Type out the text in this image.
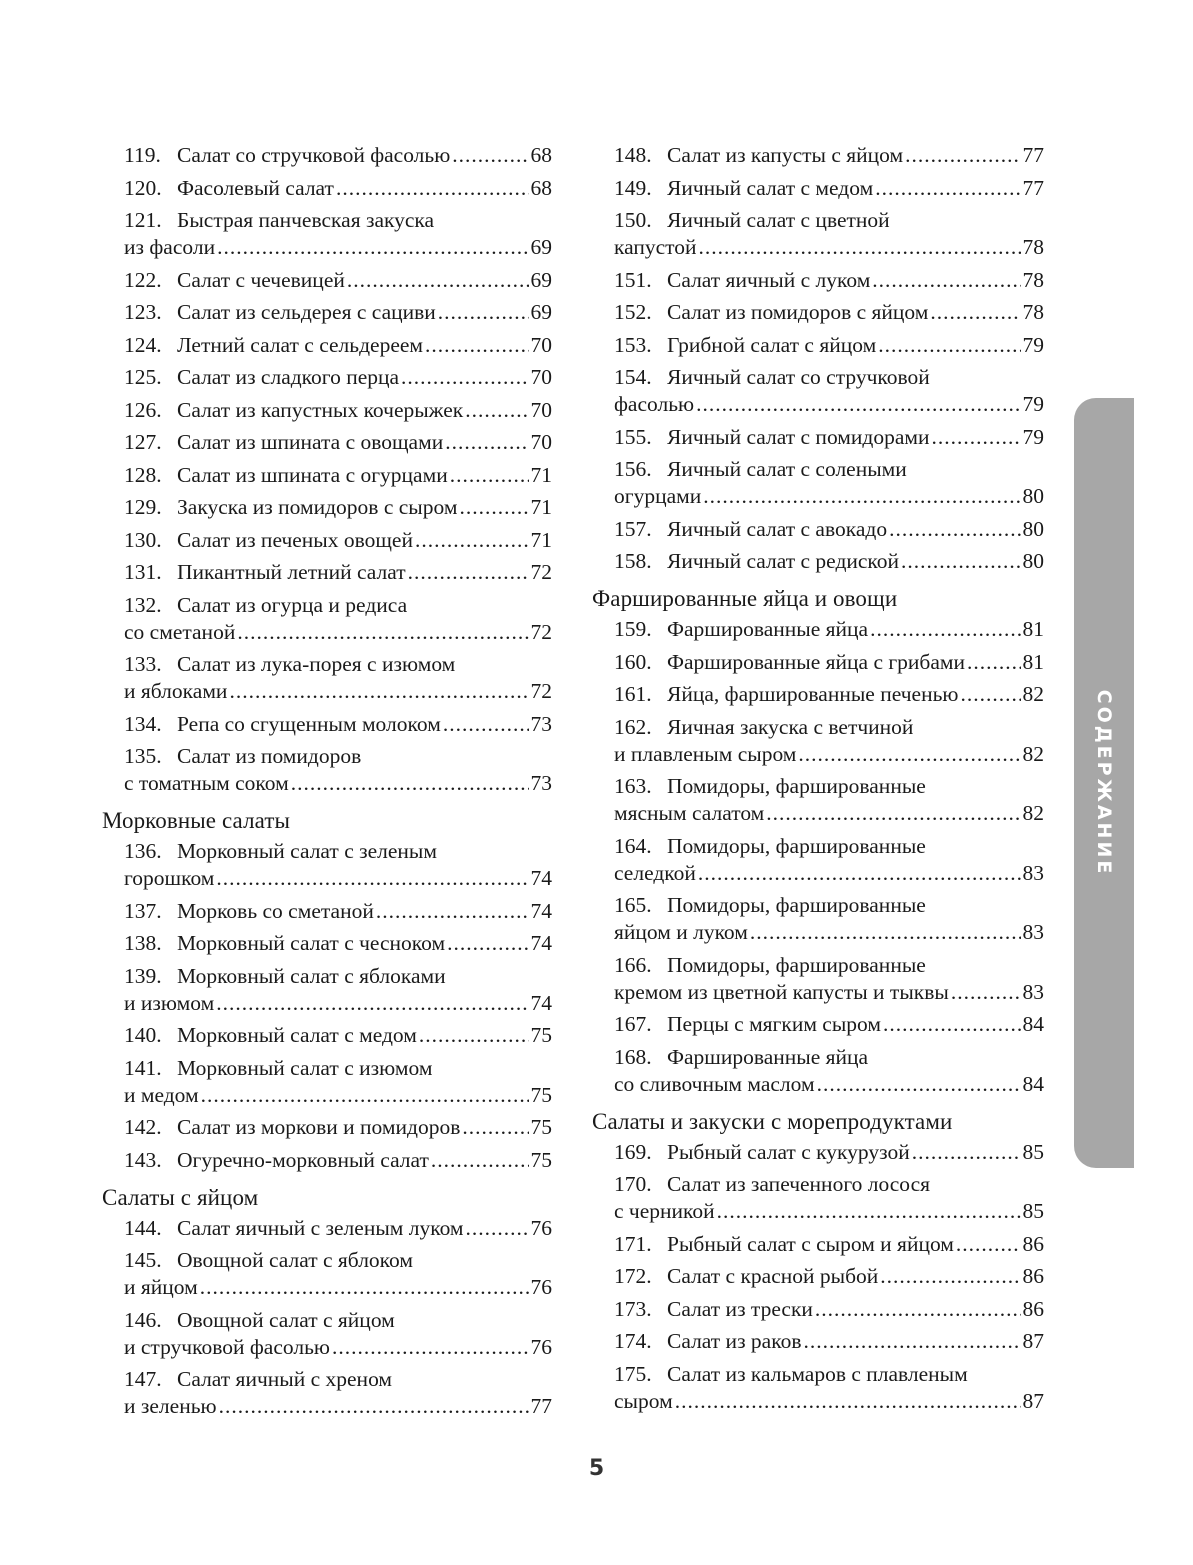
119. Салат со стручковой фасолью .....	68
120. Фасолевый салат .....	68
121. Быстрая панчевская закуска
из фасоли .....	69
122. Салат с чечевицей .....	69
123. Салат из сельдерея с сациви .....	69
124. Летний салат с сельдереем .....	70
125. Салат из сладкого перца .....	70
126. Салат из капустных кочерыжек .....	70
127. Салат из шпината с овощами .....	70
128. Салат из шпината с огурцами .....	71
129. Закуска из помидоров с сыром .....	71
130. Салат из печеных овощей .....	71
131. Пикантный летний салат .....	72
132. Салат из огурца и редиса
со сметаной .....	72
133. Салат из лука-порея с изюмом
и яблоками .....	72
134. Репа со сгущенным молоком .....	73
135. Салат из помидоров
с томатным соком .....	73
Морковные салаты
136. Морковный салат с зеленым
горошком .....	74
137. Морковь со сметаной .....	74
138. Морковный салат с чесноком .....	74
139. Морковный салат с яблоками
и изюмом .....	74
140. Морковный салат с медом .....	75
141. Морковный салат с изюмом
и медом .....	75
142. Салат из моркови и помидоров .....	75
143. Огуречно-морковный салат .....	75
Салаты с яйцом
144. Салат яичный с зеленым луком .....	76
145. Овощной салат с яблоком
и яйцом .....	76
146. Овощной салат с яйцом
и стручковой фасолью .....	76
147. Салат яичный с хреном
и зеленью .....	77
148. Салат из капусты с яйцом .....	77
149. Яичный салат с медом .....	77
150. Яичный салат с цветной
капустой .....	78
151. Салат яичный с луком .....	78
152. Салат из помидоров с яйцом .....	78
153. Грибной салат с яйцом .....	79
154. Яичный салат со стручковой
фасолью .....	79
155. Яичный салат с помидорами .....	79
156. Яичный салат с солеными
огурцами .....	80
157. Яичный салат с авокадо .....	80
158. Яичный салат с редиской .....	80
Фаршированные яйца и овощи
159. Фаршированные яйца .....	81
160. Фаршированные яйца с грибами .....	81
161. Яйца, фаршированные печенью .....	82
162. Яичная закуска с ветчиной
и плавленым сыром .....	82
163. Помидоры, фаршированные
мясным салатом .....	82
164. Помидоры, фаршированные
селедкой .....	83
165. Помидоры, фаршированные
яйцом и луком .....	83
166. Помидоры, фаршированные
кремом из цветной капусты и тыквы .....	83
167. Перцы с мягким сыром .....	84
168. Фаршированные яйца
со сливочным маслом .....	84
Салаты и закуски с морепродуктами
169. Рыбный салат с кукурузой .....	85
170. Салат из запеченного лосося
с черникой .....	85
171. Рыбный салат с сыром и яйцом .....	86
172. Салат с красной рыбой .....	86
173. Салат из трески .....	86
174. Салат из раков .....	87
175. Салат из кальмаров с плавленым
сыром .....	87
СОДЕРЖАНИЕ
5
